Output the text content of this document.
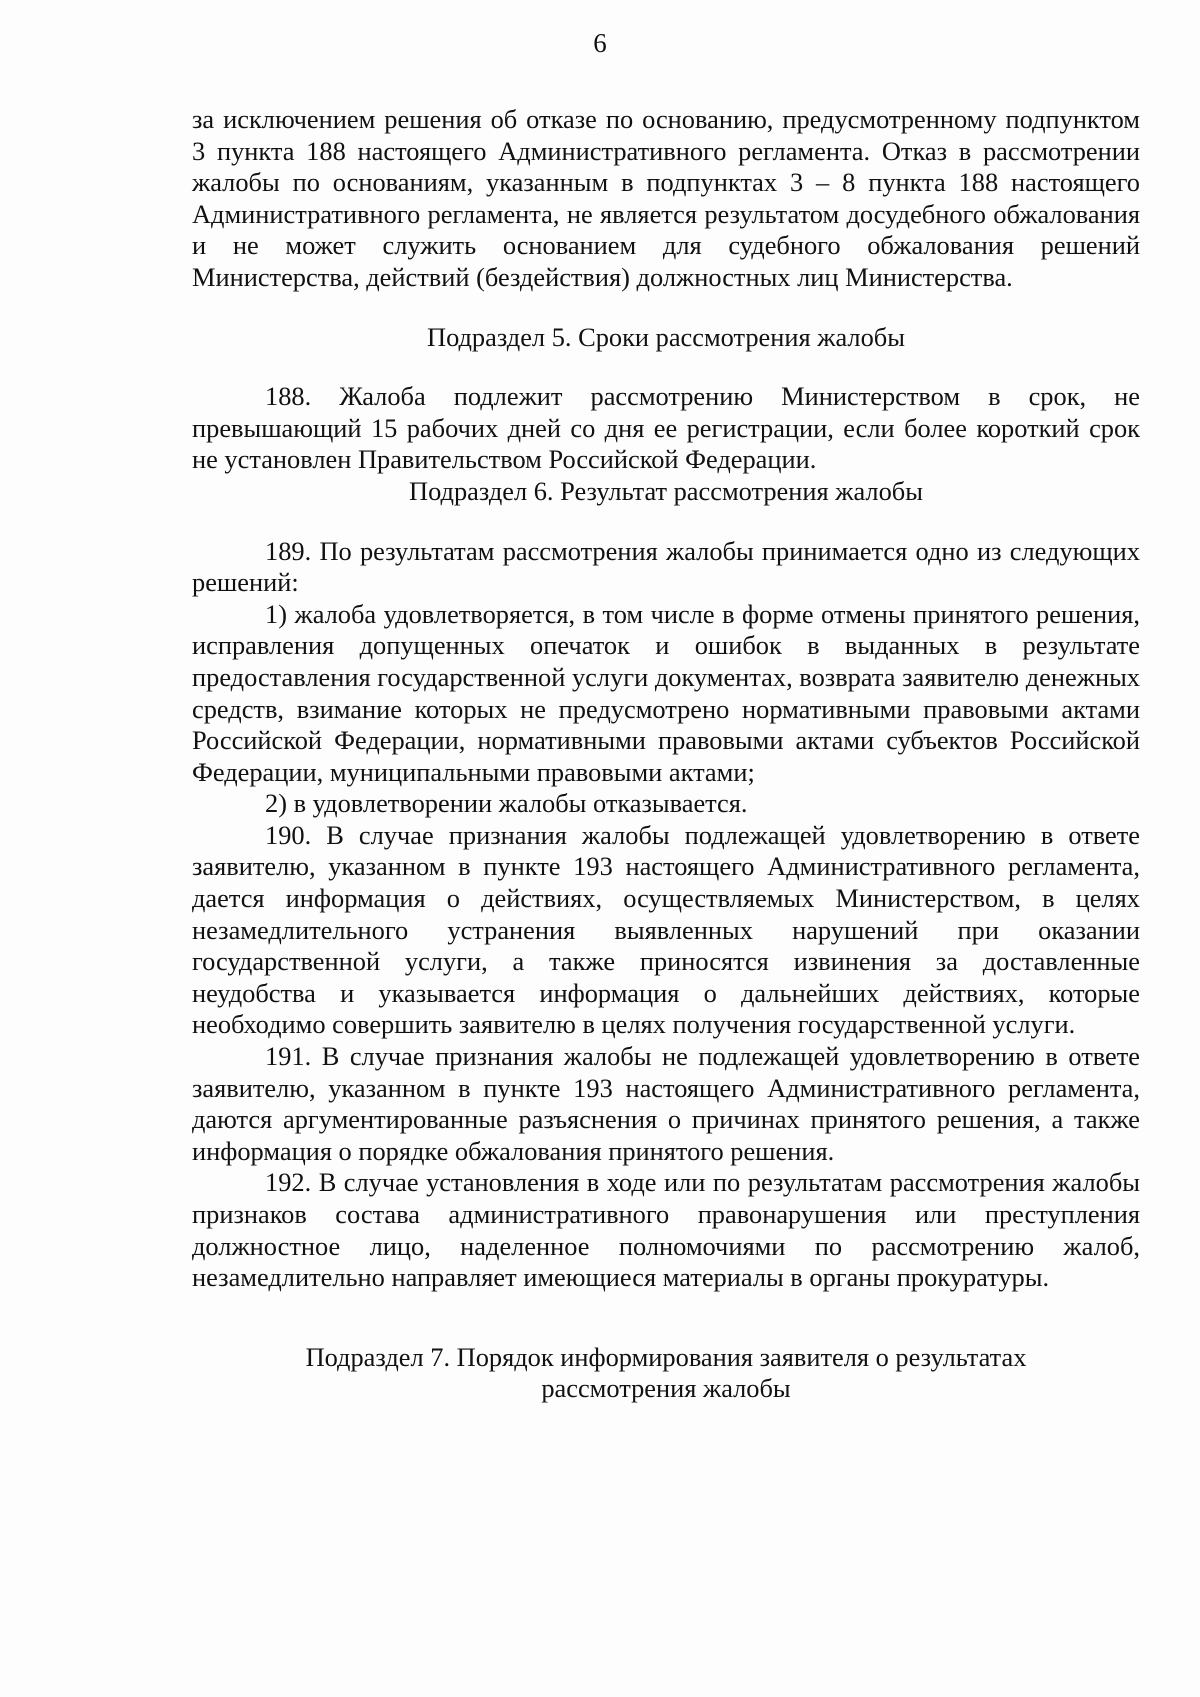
6

за исключением решения об отказе по основанию, предусмотренному подпунктом 3 пункта 188 настоящего Административного регламента. Отказ в рассмотрении жалобы по основаниям, указанным в подпунктах 3 – 8 пункта 188 настоящего Административного регламента, не является результатом досудебного обжалования и не может служить основанием для судебного обжалования решений Министерства, действий (бездействия) должностных лиц Министерства.

Подраздел 5. Сроки рассмотрения жалобы

188. Жалоба подлежит рассмотрению Министерством в срок, не превышающий 15 рабочих дней со дня ее регистрации, если более короткий срок не установлен Правительством Российской Федерации.

Подраздел 6. Результат рассмотрения жалобы

189. По результатам рассмотрения жалобы принимается одно из следующих решений:

1) жалоба удовлетворяется, в том числе в форме отмены принятого решения, исправления допущенных опечаток и ошибок в выданных в результате предоставления государственной услуги документах, возврата заявителю денежных средств, взимание которых не предусмотрено нормативными правовыми актами Российской Федерации, нормативными правовыми актами субъектов Российской Федерации, муниципальными правовыми актами;

2) в удовлетворении жалобы отказывается.

190. В случае признания жалобы подлежащей удовлетворению в ответе заявителю, указанном в пункте 193 настоящего Административного регламента, дается информация о действиях, осуществляемых Министерством, в целях незамедлительного устранения выявленных нарушений при оказании государственной услуги, а также приносятся извинения за доставленные неудобства и указывается информация о дальнейших действиях, которые необходимо совершить заявителю в целях получения государственной услуги.

191. В случае признания жалобы не подлежащей удовлетворению в ответе заявителю, указанном в пункте 193 настоящего Административного регламента, даются аргументированные разъяснения о причинах принятого решения, а также информация о порядке обжалования принятого решения.

192. В случае установления в ходе или по результатам рассмотрения жалобы признаков состава административного правонарушения или преступления должностное лицо, наделенное полномочиями по рассмотрению жалоб, незамедлительно направляет имеющиеся материалы в органы прокуратуры.

Подраздел 7. Порядок информирования заявителя о результатах

рассмотрения жалобы
